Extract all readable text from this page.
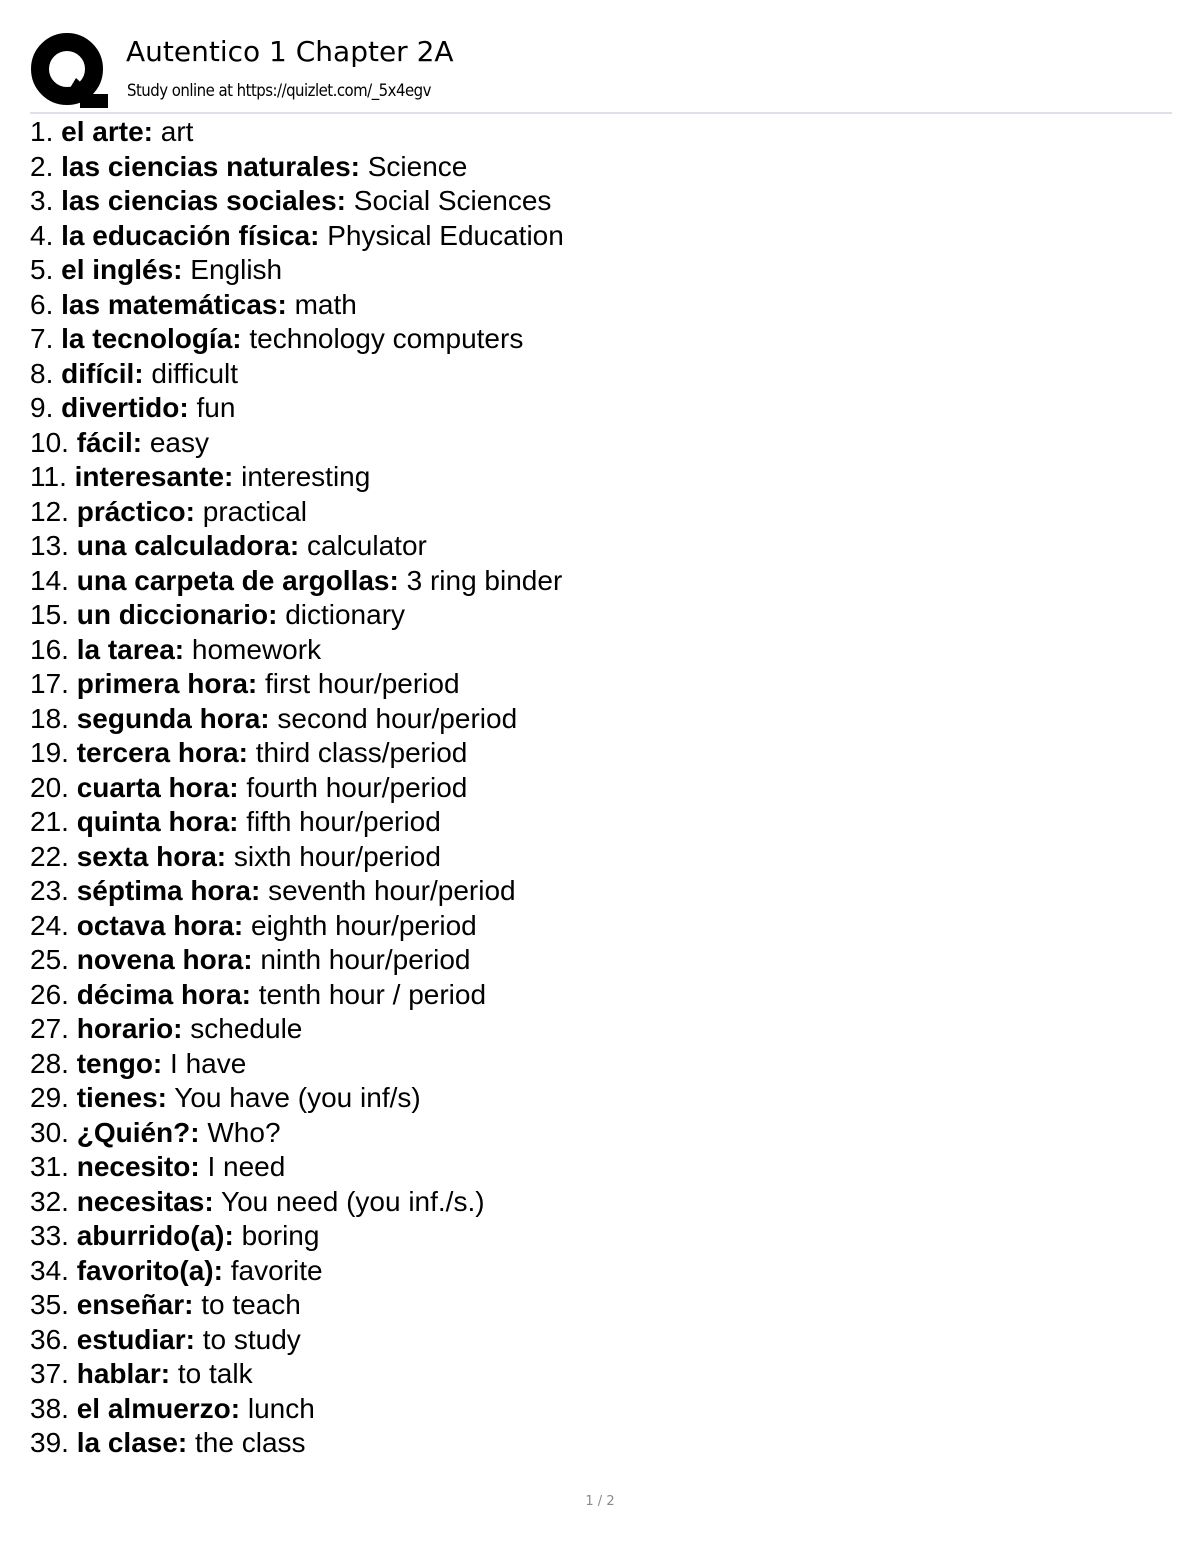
Autentico 1 Chapter 2A
Study online at https://quizlet.com/_5x4egv
1. el arte: art
2. las ciencias naturales: Science
3. las ciencias sociales: Social Sciences
4. la educación física: Physical Education
5. el inglés: English
6. las matemáticas: math
7. la tecnología: technology computers
8. difícil: difficult
9. divertido: fun
10. fácil: easy
11. interesante: interesting
12. práctico: practical
13. una calculadora: calculator
14. una carpeta de argollas: 3 ring binder
15. un diccionario: dictionary
16. la tarea: homework
17. primera hora: first hour/period
18. segunda hora: second hour/period
19. tercera hora: third class/period
20. cuarta hora: fourth hour/period
21. quinta hora: fifth hour/period
22. sexta hora: sixth hour/period
23. séptima hora: seventh hour/period
24. octava hora: eighth hour/period
25. novena hora: ninth hour/period
26. décima hora: tenth hour / period
27. horario: schedule
28. tengo: I have
29. tienes: You have (you inf/s)
30. ¿Quién?: Who?
31. necesito: I need
32. necesitas: You need (you inf./s.)
33. aburrido(a): boring
34. favorito(a): favorite
35. enseñar: to teach
36. estudiar: to study
37. hablar: to talk
38. el almuerzo: lunch
39. la clase: the class
1 / 2
